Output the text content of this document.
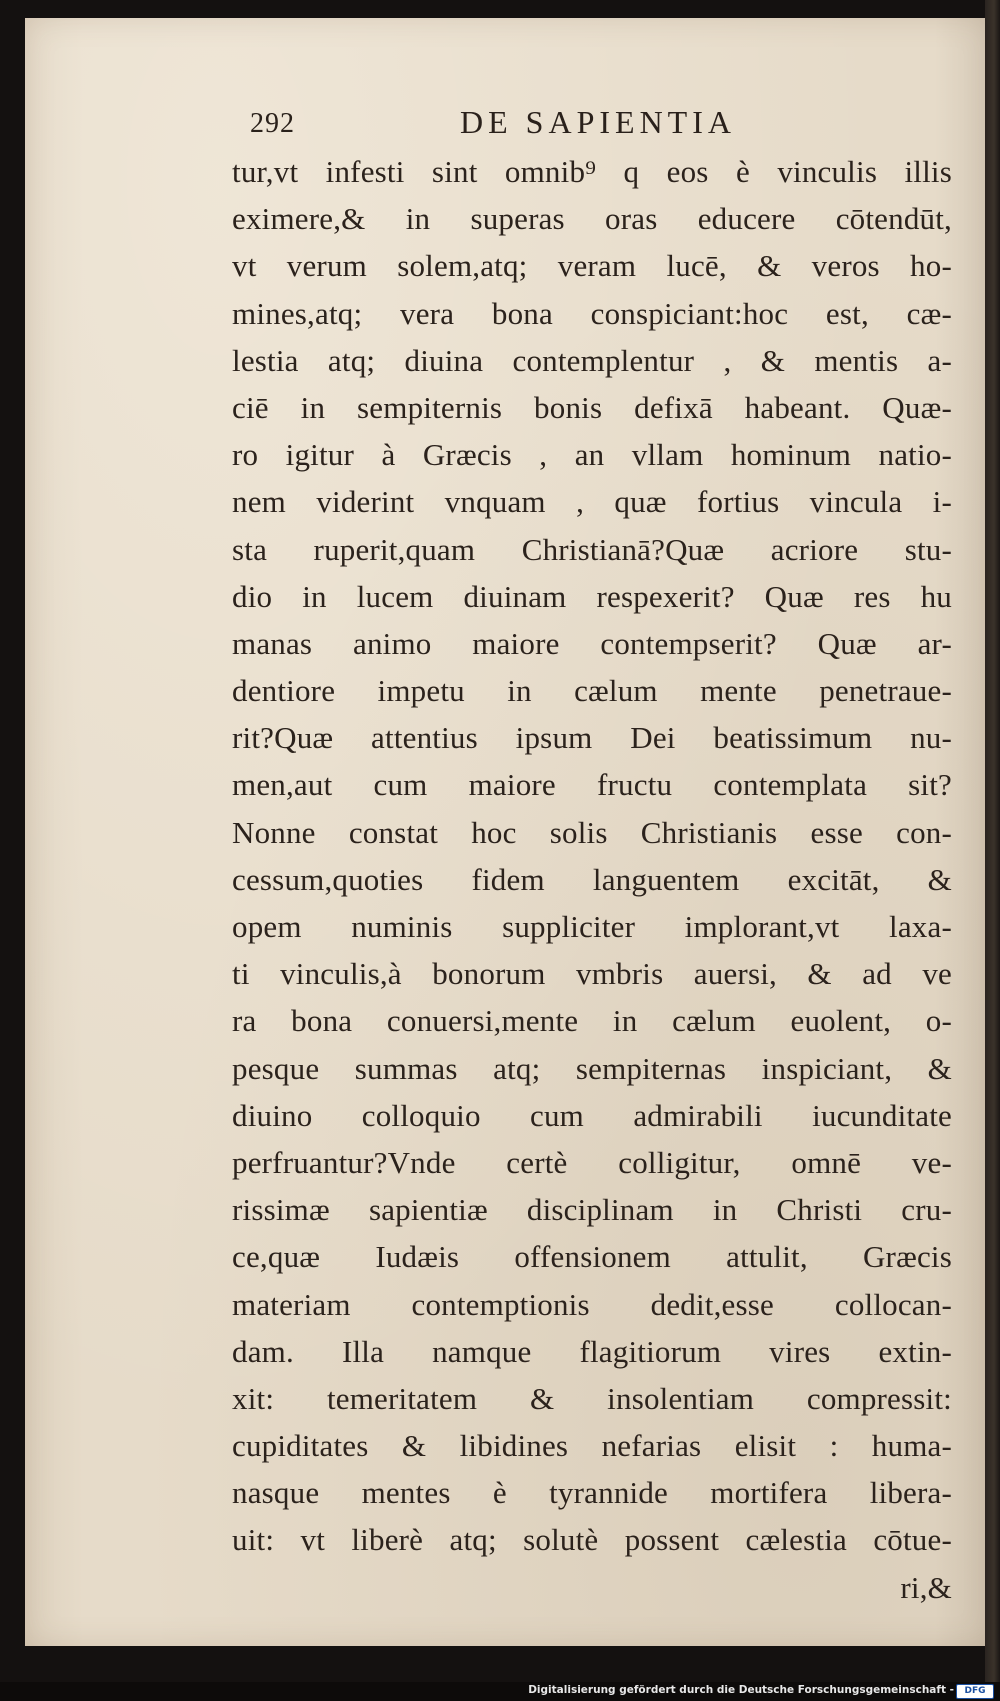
292	DE SAPIENTIA
tur,vt infesti sint omnib⁹ q eos è vinculis illis
eximere,& in superas oras educere cōtendūt,
vt verum solem,atq; veram lucē, & veros ho-
mines,atq; vera bona conspiciant:hoc est, cæ-
lestia atq; diuina contemplentur , & mentis a-
ciē in sempiternis bonis defixā habeant. Quæ-
ro igitur à Græcis , an vllam hominum natio-
nem viderint vnquam , quæ fortius vincula i-
sta ruperit,quam Christianā?Quæ acriore stu-
dio in lucem diuinam respexerit? Quæ res hu
manas animo maiore contempserit? Quæ ar-
dentiore impetu in cælum mente penetraue-
rit?Quæ attentius ipsum Dei beatissimum nu-
men,aut cum maiore fructu contemplata sit?
Nonne constat hoc solis Christianis esse con-
cessum,quoties fidem languentem excitāt, &
opem numinis suppliciter implorant,vt laxa-
ti vinculis,à bonorum vmbris auersi, & ad ve
ra bona conuersi,mente in cælum euolent, o-
pesque summas atq; sempiternas inspiciant, &
diuino colloquio cum admirabili iucunditate
perfruantur?Vnde certè colligitur, omnē ve-
rissimæ sapientiæ disciplinam in Christi cru-
ce,quæ Iudæis offensionem attulit, Græcis
materiam contemptionis dedit,esse collocan-
dam. Illa namque flagitiorum vires extin-
xit: temeritatem & insolentiam compressit:
cupiditates & libidines nefarias elisit : huma-
nasque mentes è tyrannide mortifera libera-
uit: vt liberè atq; solutè possent cælestia cōtue-
ri,&
Digitalisierung gefördert durch die Deutsche Forschungsgemeinschaft -	DFG
